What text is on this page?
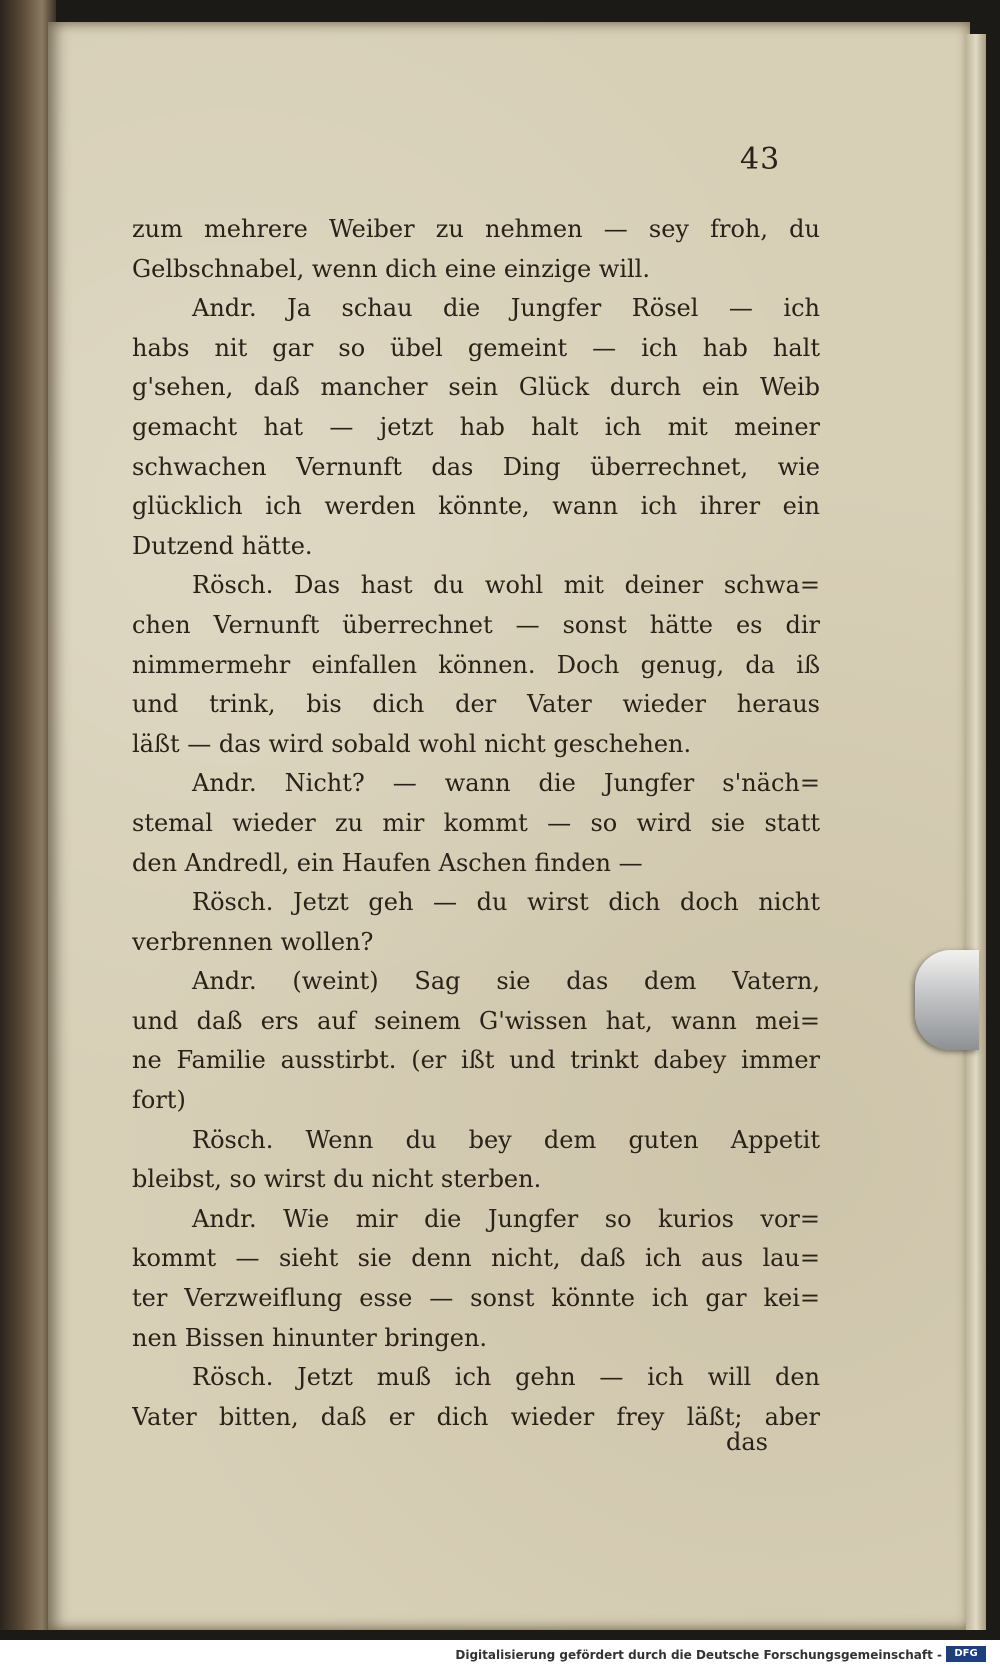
43
zum mehrere Weiber zu nehmen — sey froh, du
Gelbschnabel, wenn dich eine einzige will.
Andr. Ja schau die Jungfer Rösel — ich
habs nit gar so übel gemeint — ich hab halt
g'sehen, daß mancher sein Glück durch ein Weib
gemacht hat — jetzt hab halt ich mit meiner
schwachen Vernunft das Ding überrechnet, wie
glücklich ich werden könnte, wann ich ihrer ein
Dutzend hätte.
Rösch. Das hast du wohl mit deiner schwa=
chen Vernunft überrechnet — sonst hätte es dir
nimmermehr einfallen können. Doch genug, da iß
und trink, bis dich der Vater wieder heraus
läßt — das wird sobald wohl nicht geschehen.
Andr. Nicht? — wann die Jungfer s'näch=
stemal wieder zu mir kommt — so wird sie statt
den Andredl, ein Haufen Aschen finden —
Rösch. Jetzt geh — du wirst dich doch nicht
verbrennen wollen?
Andr. (weint) Sag sie das dem Vatern,
und daß ers auf seinem G'wissen hat, wann mei=
ne Familie ausstirbt. (er ißt und trinkt dabey immer
fort)
Rösch. Wenn du bey dem guten Appetit
bleibst, so wirst du nicht sterben.
Andr. Wie mir die Jungfer so kurios vor=
kommt — sieht sie denn nicht, daß ich aus lau=
ter Verzweiflung esse — sonst könnte ich gar kei=
nen Bissen hinunter bringen.
Rösch. Jetzt muß ich gehn — ich will den
Vater bitten, daß er dich wieder frey läßt; aber
das
Digitalisierung gefördert durch die Deutsche Forschungsgemeinschaft -	DFG
